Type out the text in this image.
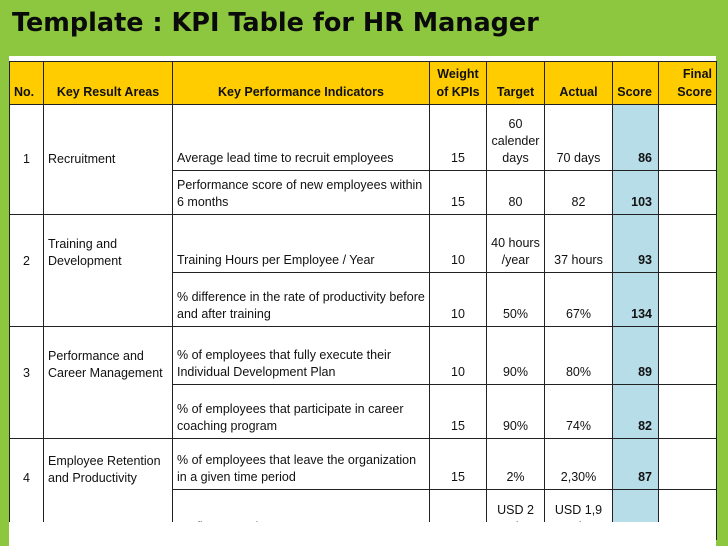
Template : KPI Table for HR Manager
No.	Key Result Areas	Key Performance Indicators	Weight of KPIs	Target	Actual	Score	Final Score
1	Recruitment	Average lead time to recruit employees	15	60 calender days	70 days	86	
		Performance score of new employees within 6 months	15	80	82	103	
2	Training and Development	Training Hours per Employee / Year	10	40 hours /year	37 hours	93	
		% difference in the rate of productivity before and after training	10	50%	67%	134	
3	Performance and Career Management	% of employees that fully execute their Individual Development Plan	10	90%	80%	89	
		% of employees that participate in career coaching program	15	90%	74%	82	
4	Employee Retention and Productivity	% of employees that leave the organization in a given time period	15	2%	2,30%	87	
				USD 2	USD 1,9		
